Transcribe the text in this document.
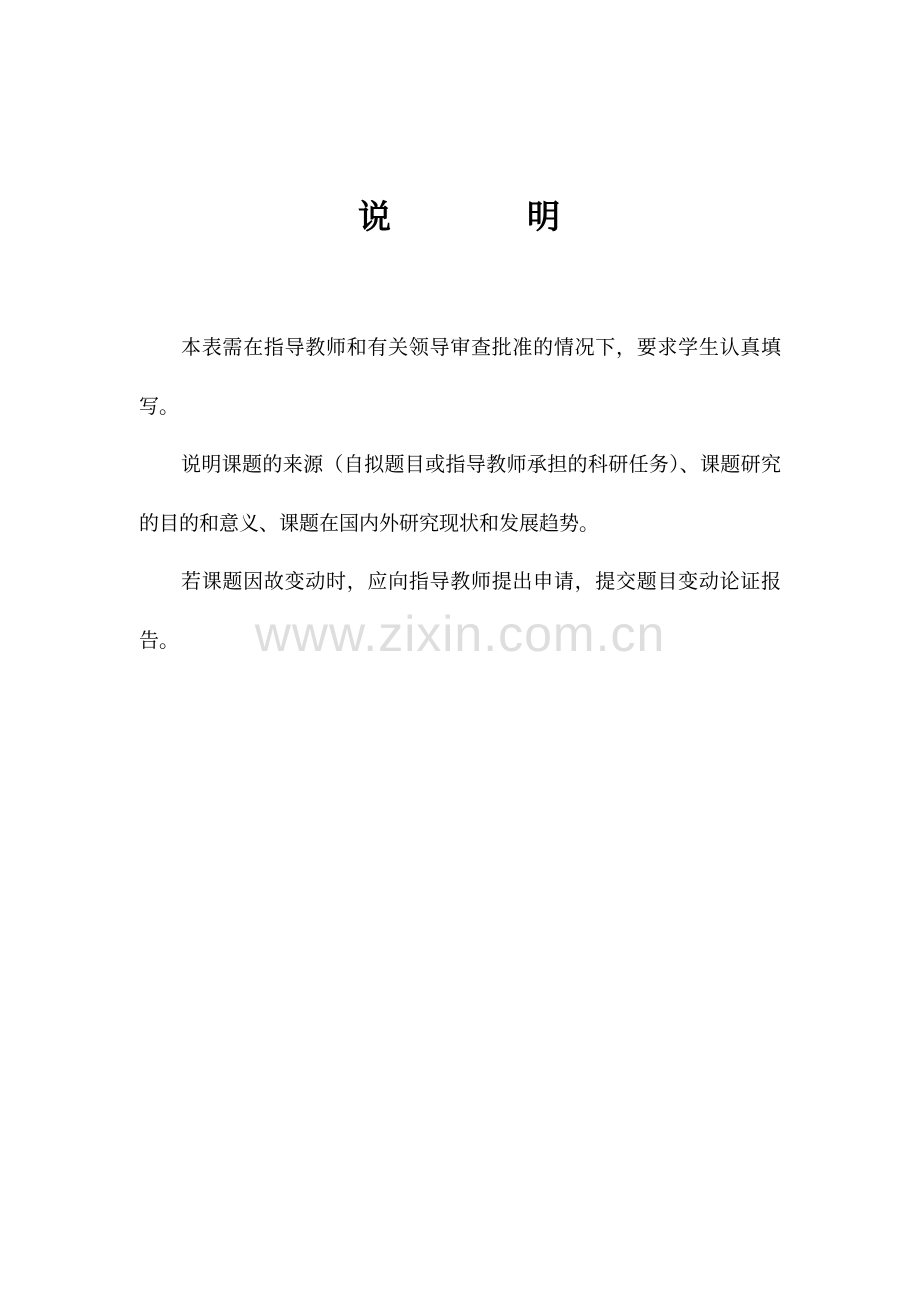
说	明

本表需在指导教师和有关领导审查批准的情况下，要求学生认真填写。

说明课题的来源（自拟题目或指导教师承担的科研任务）、课题研究的目的和意义、课题在国内外研究现状和发展趋势。

若课题因故变动时，应向指导教师提出申请，提交题目变动论证报告。	www.zixin.com.cn
